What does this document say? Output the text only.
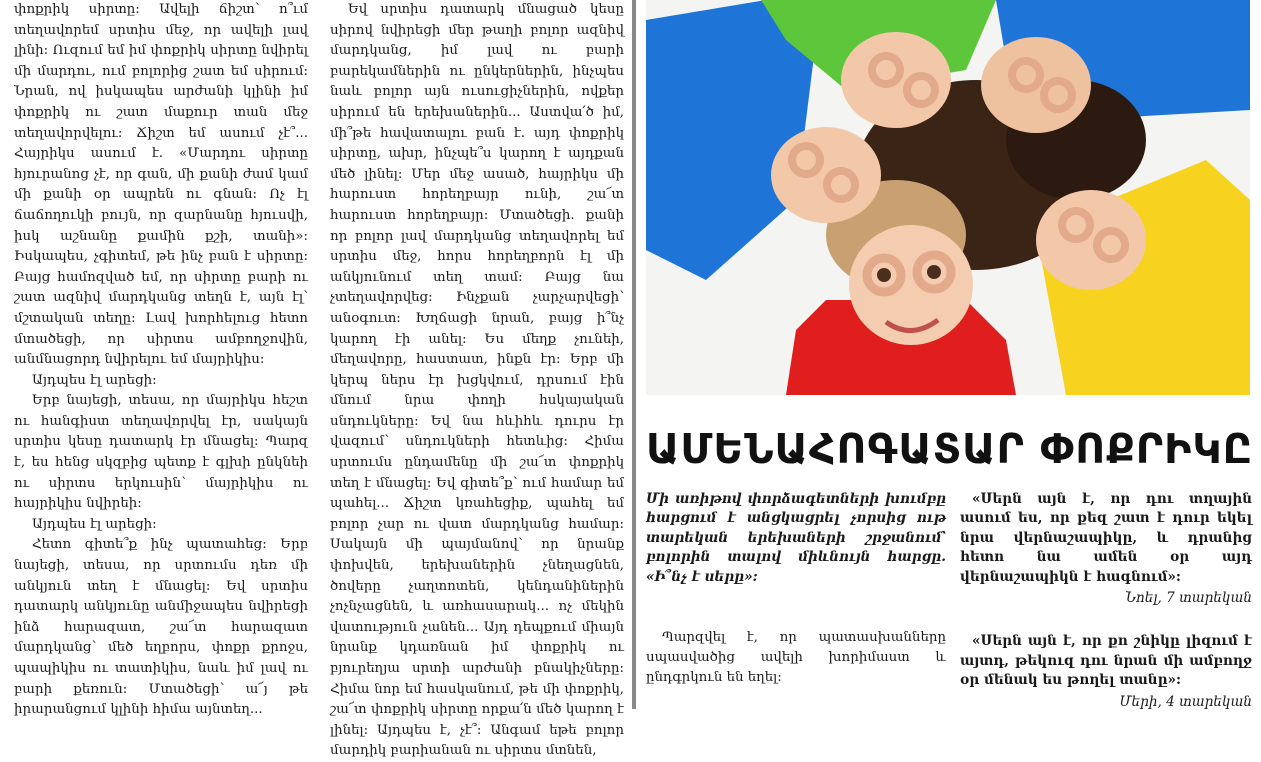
փոքրիկ սիրտը: Ավելի ճիշտ՝ ո՞ւմ տեղավորեմ սրտիս մեջ, որ ավելի լավ լինի: Ուզում եմ իմ փոքրիկ սիրտը նվիրել մի մարդու, ում բոլորից շատ եմ սիրում: Նրան, ով իսկապես արժանի կլինի իմ փոքրիկ ու շատ մաքուր տան մեջ տեղավորվելու: Ճիշտ եմ ասում չէ՞... Հայրիկս ասում է. «Մարդու սիրտը հյուրանոց չէ, որ գան, մի քանի ժամ կամ մի քանի օր ապրեն ու գնան: Ոչ էլ ճաճողուկի բույն, որ զարնանը հյուսվի, իսկ աշնանը քամին քշի, տանի»: Իսկապես, չգիտեմ, թե ինչ բան է սիրտը: Բայց համոզված եմ, որ սիրտը բարի ու շատ ազնիվ մարդկանց տեղն է, այն էլ՝ մշտական տեղը: Լավ խորհելուց հետո մտածեցի, որ սիրտս ամբողջովին, անմնացորդ նվիրելու եմ մայրիկիս:

Այդպես էլ արեցի:

Երբ նայեցի, տեսա, որ մայրիկս հեշտ ու հանգիստ տեղավորվել էր, սակայն սրտիս կեսը դատարկ էր մնացել: Պարզ է, ես հենց սկզբից պետք է գլխի ընկնեի ու սիրտս երկուսին՝ մայրիկիս ու հայրիկիս նվիրեի:

Այդպես էլ արեցի:

Հետո գիտե՞ք ինչ պատահեց: Երբ նայեցի, տեսա, որ սրտումս դեռ մի անկյուն տեղ է մնացել: Եվ սրտիս դատարկ անկյունը անմիջապես նվիրեցի ինձ հարազատ, շա՜տ հարազատ մարդկանց՝ մեծ եղբորս, փոքր քրոջս, պապիկիս ու տատիկիս, նաև իմ լավ ու բարի քեռուն: Մտածեցի՝ ա՜յ թե իրարանցում կլինի հիմա այնտեղ...

Եվ սրտիս դատարկ մնացած կեսը սիրով նվիրեցի մեր թաղի բոլոր ազնիվ մարդկանց, իմ լավ ու բարի բարեկամներին ու ընկերներին, ինչպես նաև բոլոր այն ուսուցիչներին, ովքեր սիրում են երեխաներին... Աստվա՛ծ իմ, մի՞թե հավատալու բան է. այդ փոքրիկ սիրտը, ախր, ինչպե՞ս կարող է այդքան մեծ լինել: Մեր մեջ ասած, հայրիկս մի հարուստ հորեղբայր ունի, շա՜տ հարուստ հորեղբայր: Մտածեցի. քանի որ բոլոր լավ մարդկանց տեղավորել եմ սրտիս մեջ, հորս հորեղբորն էլ մի անկյունում տեղ տամ: Բայց նա չտեղավորվեց: Ինչքան չարչարվեցի՝ անօգուտ: Խղճացի նրան, բայց ի՞նչ կարող էի անել: Ես մեղք չունեի, մեղավորը, հաստատ, ինքն էր: Երբ մի կերպ ներս էր խցկվում, դրսում էին մնում նրա փողի հսկայական սնդուկները: Եվ նա հևիհև դուրս էր վազում՝ սնդուկների հետևից: Հիմա սրտումս ընդամենը մի շա՜տ փոքրիկ տեղ է մնացել: Եվ գիտե՞ք՝ ում համար եմ պահել... Ճիշտ կռահեցիք, պահել եմ բոլոր չար ու վատ մարդկանց համար: Սակայն մի պայմանով՝ որ նրանք փոխվեն, երեխաներին չնեղացնեն, ծովերը չաղտոտեն, կենդանիներին չոչնչացնեն, և առհասարակ... ոչ մեկին վատություն չանեն... Այդ դեպքում միայն նրանք կդառնան իմ փոքրիկ ու բյուրեղյա սրտի արժանի բնակիչները: Հիմա նոր եմ հասկանում, թե մի փոքրիկ, շա՜տ փոքրիկ սիրտը որքա՛ն մեծ կարող է լինել: Այդպես է, չէ՞: Անգամ եթե բոլոր մարդիկ բարիանան ու սիրտս մտնեն,

ԱՄԵՆԱՀՈԳԱՏԱՐ ՓՈՔՐԻԿԸ
Մի առիթով փորձագետների խումբը հարցում է անցկացրել չորսից ութ տարեկան երեխաների շրջանում՝ բոլորին տալով միևնույն հարցը. «Ի՞նչ է սերը»:
Պարզվել է, որ պատասխանները սպասվածից ավելի խորիմաստ և ընդգրկուն են եղել:
«Սերն այն է, որ դու տղային ասում ես, որ քեզ շատ է դուր եկել նրա վերնաշապիկը, և դրանից հետո նա ամեն օր այդ վերնաշապիկն է հագնում»:
Նոել, 7 տարեկան
«Սերն այն է, որ քո շնիկը լիզում է այտդ, թեկուզ դու նրան մի ամբողջ օր մենակ ես թողել տանը»:
Մերի, 4 տարեկան
